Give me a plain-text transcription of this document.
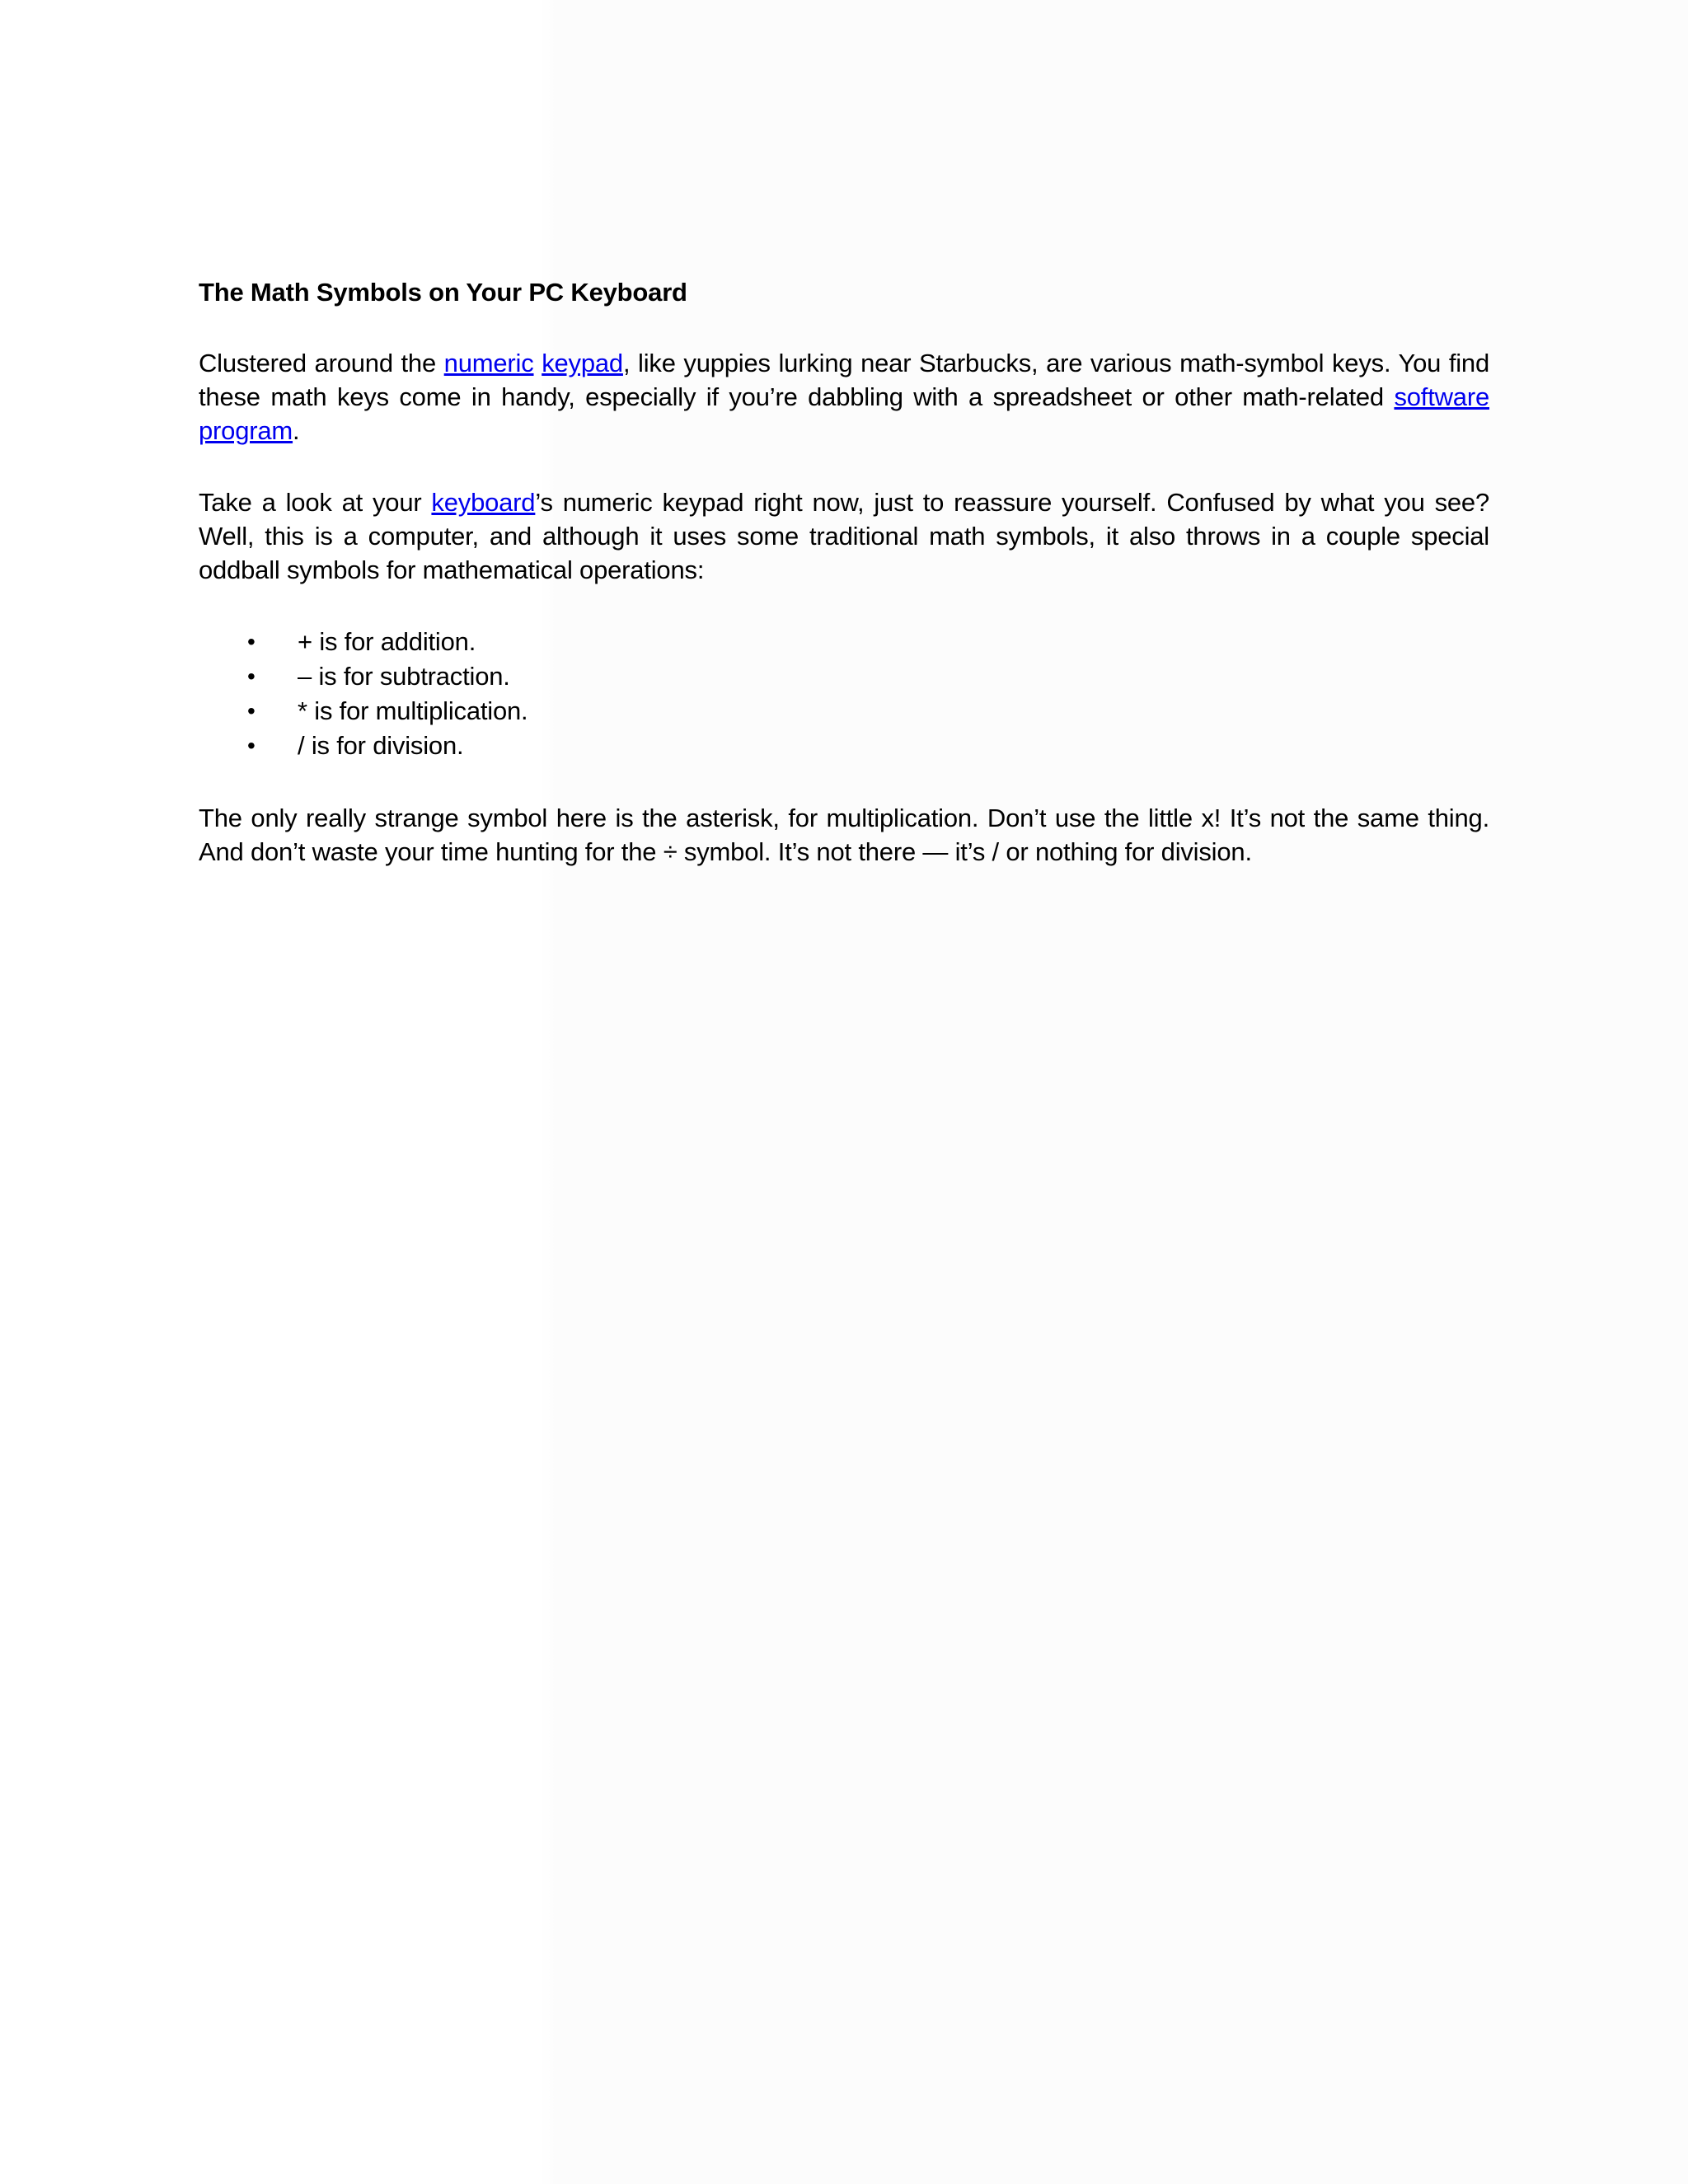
The Math Symbols on Your PC Keyboard

Clustered around the numeric keypad, like yuppies lurking near Starbucks, are various math-symbol keys. You find these math keys come in handy, especially if you’re dabbling with a spreadsheet or other math-related software program.

Take a look at your keyboard’s numeric keypad right now, just to reassure yourself. Confused by what you see? Well, this is a computer, and although it uses some traditional math symbols, it also throws in a couple special oddball symbols for mathematical operations:

• + is for addition.
• – is for subtraction.
• * is for multiplication.
• / is for division.

The only really strange symbol here is the asterisk, for multiplication. Don’t use the little x! It’s not the same thing. And don’t waste your time hunting for the ÷ symbol. It’s not there — it’s / or nothing for division.
